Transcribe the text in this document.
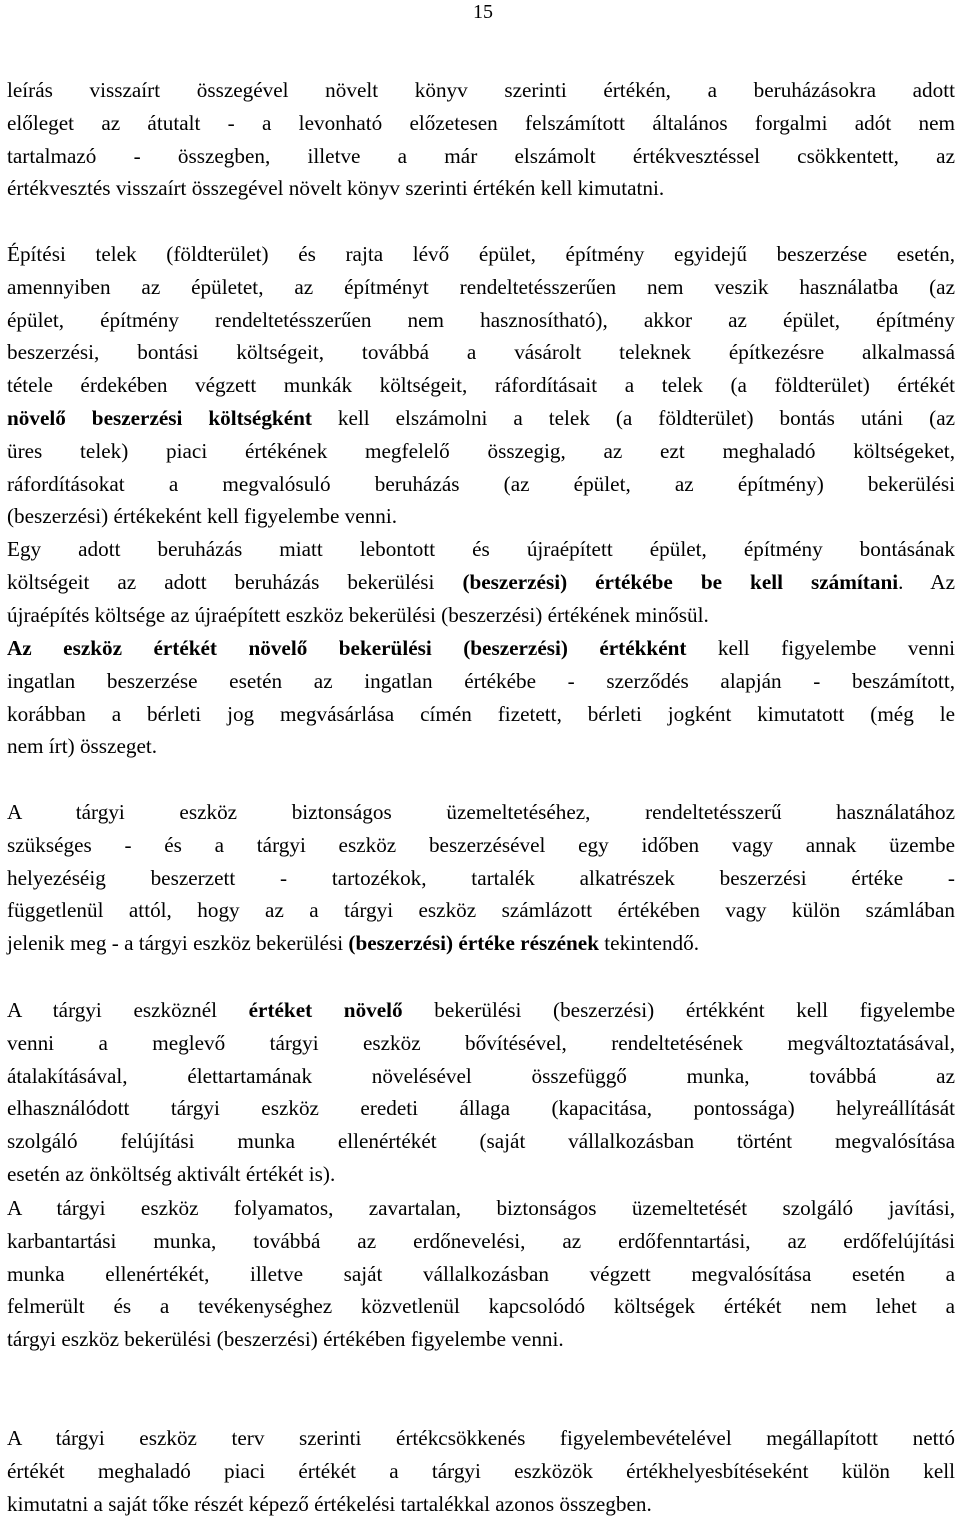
15
leírás visszaírt összegével növelt könyv szerinti értékén, a beruházásokra adott
előleget az átutalt - a levonható előzetesen felszámított általános forgalmi adót nem
tartalmazó - összegben, illetve a már elszámolt értékvesztéssel csökkentett, az
értékvesztés visszaírt összegével növelt könyv szerinti értékén kell kimutatni.
Építési telek (földterület) és rajta lévő épület, építmény egyidejű beszerzése esetén,
amennyiben az épületet, az építményt rendeltetésszerűen nem veszik használatba (az
épület, építmény rendeltetésszerűen nem hasznosítható), akkor az épület, építmény
beszerzési, bontási költségeit, továbbá a vásárolt teleknek építkezésre alkalmassá
tétele érdekében végzett munkák költségeit, ráfordításait a telek (a földterület) értékét
növelő beszerzési költségként kell elszámolni a telek (a földterület) bontás utáni (az
üres telek) piaci értékének megfelelő összegig, az ezt meghaladó költségeket,
ráfordításokat a megvalósuló beruházás (az épület, az építmény) bekerülési
(beszerzési) értékeként kell figyelembe venni.
Egy adott beruházás miatt lebontott és újraépített épület, építmény bontásának
költségeit az adott beruházás bekerülési (beszerzési) értékébe be kell számítani. Az
újraépítés költsége az újraépített eszköz bekerülési (beszerzési) értékének minősül.
Az eszköz értékét növelő bekerülési (beszerzési) értékként kell figyelembe venni
ingatlan beszerzése esetén az ingatlan értékébe - szerződés alapján - beszámított,
korábban a bérleti jog megvásárlása címén fizetett, bérleti jogként kimutatott (még le
nem írt) összeget.
A tárgyi eszköz biztonságos üzemeltetéséhez, rendeltetésszerű használatához
szükséges - és a tárgyi eszköz beszerzésével egy időben vagy annak üzembe
helyezéséig beszerzett - tartozékok, tartalék alkatrészek beszerzési értéke -
függetlenül attól, hogy az a tárgyi eszköz számlázott értékében vagy külön számlában
jelenik meg - a tárgyi eszköz bekerülési (beszerzési) értéke részének tekintendő.
A tárgyi eszköznél értéket növelő bekerülési (beszerzési) értékként kell figyelembe
venni a meglevő tárgyi eszköz bővítésével, rendeltetésének megváltoztatásával,
átalakításával, élettartamának növelésével összefüggő munka, továbbá az
elhasználódott tárgyi eszköz eredeti állaga (kapacitása, pontossága) helyreállítását
szolgáló felújítási munka ellenértékét (saját vállalkozásban történt megvalósítása
esetén az önköltség aktivált értékét is).
A tárgyi eszköz folyamatos, zavartalan, biztonságos üzemeltetését szolgáló javítási,
karbantartási munka, továbbá az erdőnevelési, az erdőfenntartási, az erdőfelújítási
munka ellenértékét, illetve saját vállalkozásban végzett megvalósítása esetén a
felmerült és a tevékenységhez közvetlenül kapcsolódó költségek értékét nem lehet a
tárgyi eszköz bekerülési (beszerzési) értékében figyelembe venni.
A tárgyi eszköz terv szerinti értékcsökkenés figyelembevételével megállapított nettó
értékét meghaladó piaci értékét a tárgyi eszközök értékhelyesbítéseként külön kell
kimutatni a saját tőke részét képező értékelési tartalékkal azonos összegben.
